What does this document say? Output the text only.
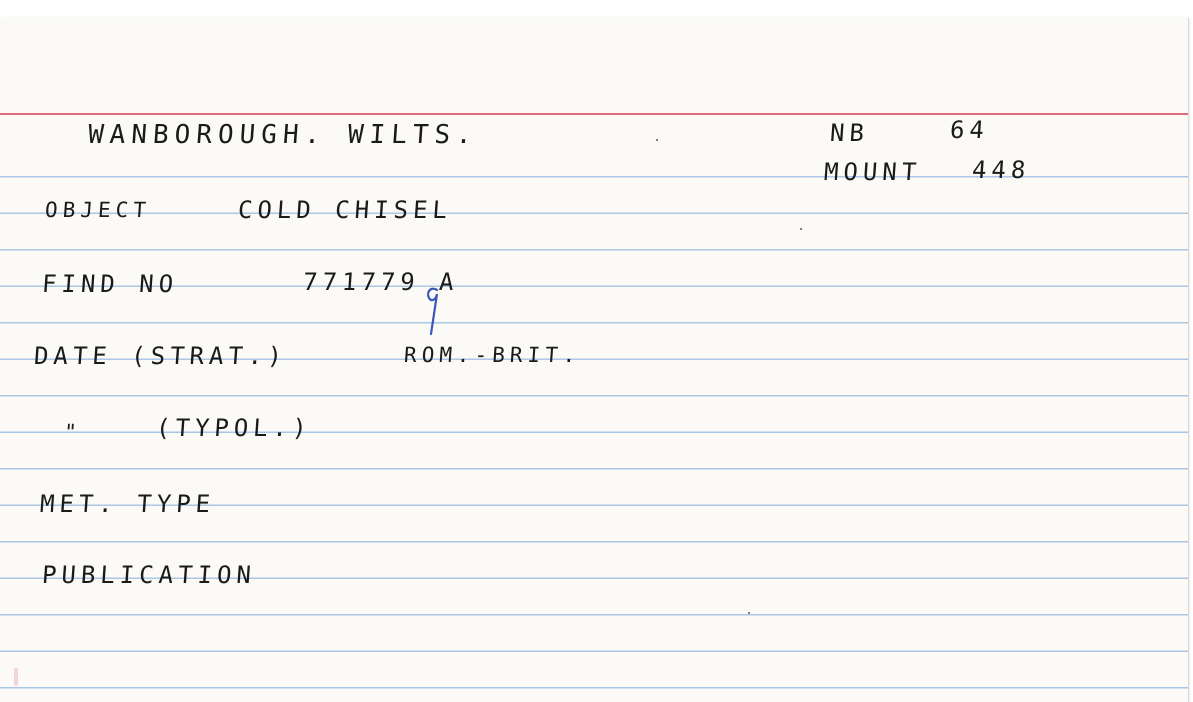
WANBOROUGH. WILTS.	NB	64
MOUNT 448
OBJECT	COLD CHISEL
FIND NO	771779 A
DATE (STRAT.)	ROM.-BRIT.
"	(TYPOL.)
MET. TYPE
PUBLICATION
